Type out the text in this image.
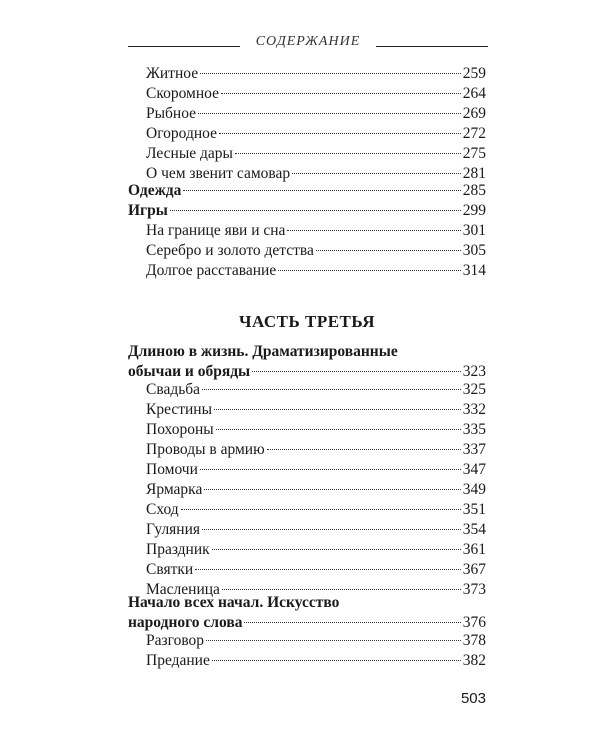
СОДЕРЖАНИЕ
Житное	259
Скоромное	264
Рыбное	269
Огородное	272
Лесные дары	275
О чем звенит самовар	281
Одежда	285
Игры	299
На границе яви и сна	301
Серебро и золото детства	305
Долгое расставание	314
ЧАСТЬ ТРЕТЬЯ
Длиною в жизнь. Драматизированные
обычаи и обряды	323
Свадьба	325
Крестины	332
Похороны	335
Проводы в армию	337
Помочи	347
Ярмарка	349
Сход	351
Гуляния	354
Праздник	361
Святки	367
Масленица	373
Начало всех начал. Искусство
народного слова	376
Разговор	378
Предание	382
503
